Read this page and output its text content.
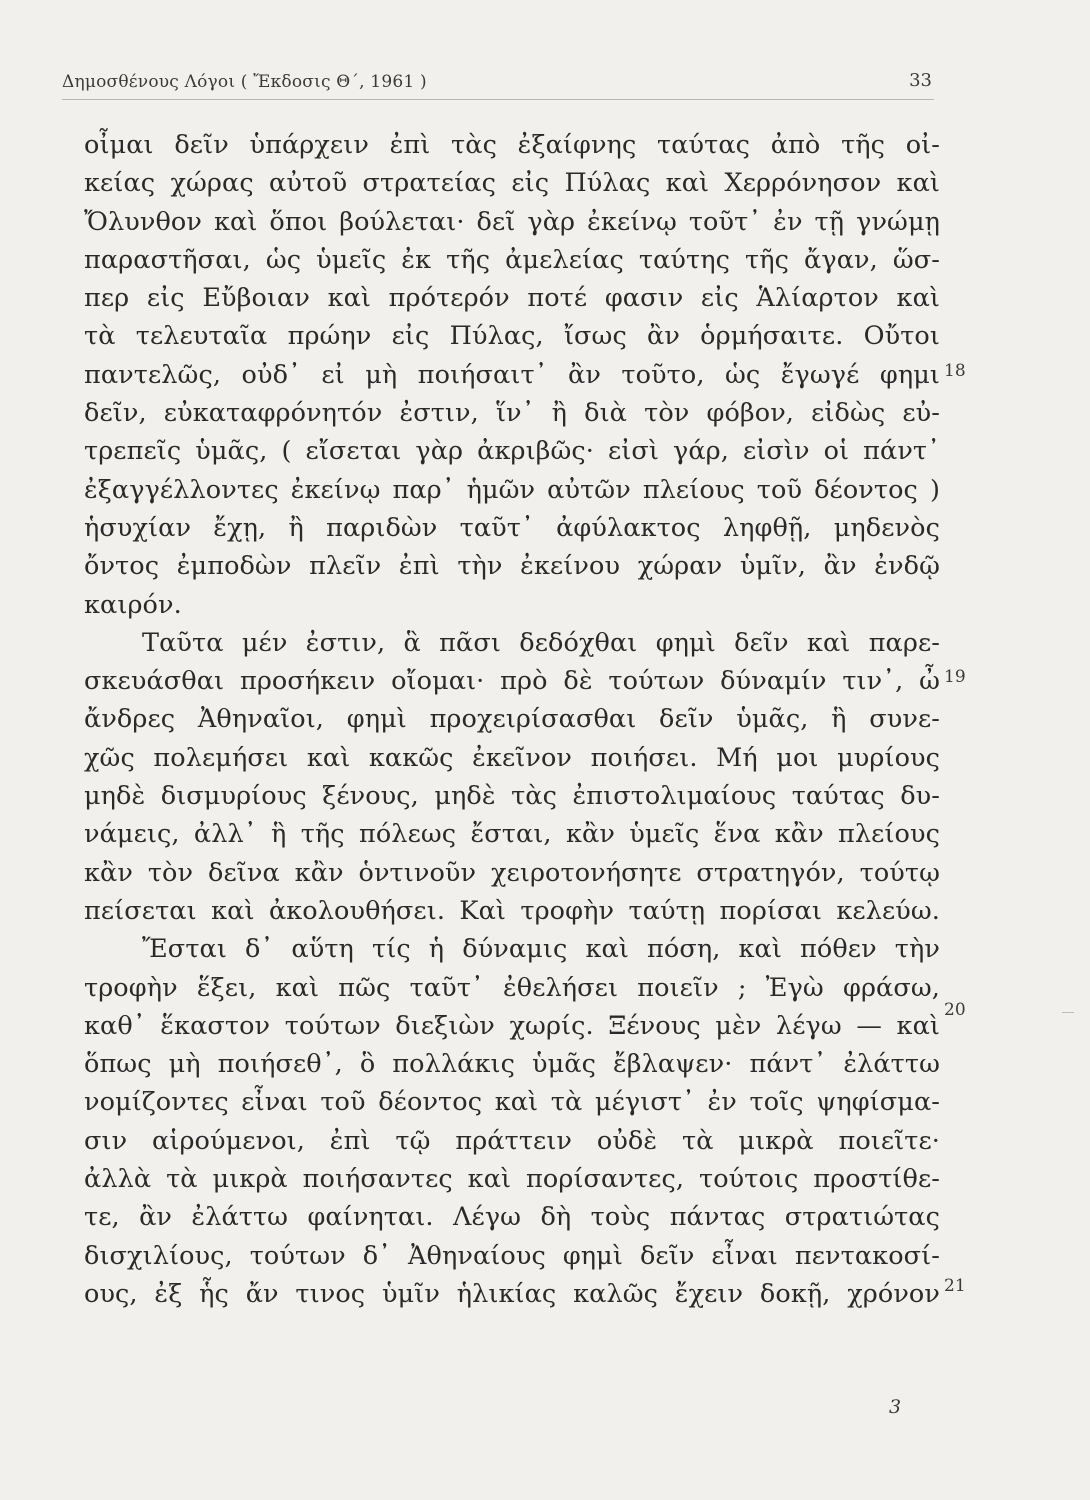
Δημοσθένους Λόγοι ( Ἔκδοσις Θ΄, 1961 )	33
οἶμαι δεῖν ὑπάρχειν ἐπὶ τὰς ἐξαίφνης ταύτας ἀπὸ τῆς οἰ-
κείας χώρας αὐτοῦ στρατείας εἰς Πύλας καὶ Χερρόνησον καὶ
Ὄλυνθον καὶ ὅποι βούλεται· δεῖ γὰρ ἐκείνῳ τοῦτ᾽ ἐν τῇ γνώμῃ
παραστῆσαι, ὡς ὑμεῖς ἐκ τῆς ἀμελείας ταύτης τῆς ἄγαν, ὥσ-
περ εἰς Εὔβοιαν καὶ πρότερόν ποτέ φασιν εἰς Ἁλίαρτον καὶ
τὰ τελευταῖα πρώην εἰς Πύλας, ἴσως ἂν ὁρμήσαιτε. Οὔτοι
παντελῶς, οὐδ᾽ εἰ μὴ ποιήσαιτ᾽ ἂν τοῦτο, ὡς ἔγωγέ φημι
δεῖν, εὐκαταφρόνητόν ἐστιν, ἵν᾽ ἢ διὰ τὸν φόβον, εἰδὼς εὐ-
τρεπεῖς ὑμᾶς, ( εἴσεται γὰρ ἀκριβῶς· εἰσὶ γάρ, εἰσὶν οἱ πάντ᾽
ἐξαγγέλλοντες ἐκείνῳ παρ᾽ ἡμῶν αὐτῶν πλείους τοῦ δέοντος )
ἡσυχίαν ἔχῃ, ἢ παριδὼν ταῦτ᾽ ἀφύλακτος ληφθῇ, μηδενὸς
ὄντος ἐμποδὼν πλεῖν ἐπὶ τὴν ἐκείνου χώραν ὑμῖν, ἂν ἐνδῷ
καιρόν.
Ταῦτα μέν ἐστιν, ἃ πᾶσι δεδόχθαι φημὶ δεῖν καὶ παρε-
σκευάσθαι προσήκειν οἴομαι· πρὸ δὲ τούτων δύναμίν τιν᾽, ὦ
ἄνδρες Ἀθηναῖοι, φημὶ προχειρίσασθαι δεῖν ὑμᾶς, ἣ συνε-
χῶς πολεμήσει καὶ κακῶς ἐκεῖνον ποιήσει. Μή μοι μυρίους
μηδὲ δισμυρίους ξένους, μηδὲ τὰς ἐπιστολιμαίους ταύτας δυ-
νάμεις, ἀλλ᾽ ἣ τῆς πόλεως ἔσται, κἂν ὑμεῖς ἕνα κἂν πλείους
κἂν τὸν δεῖνα κἂν ὁντινοῦν χειροτονήσητε στρατηγόν, τούτῳ
πείσεται καὶ ἀκολουθήσει. Καὶ τροφὴν ταύτῃ πορίσαι κελεύω.
Ἔσται δ᾽ αὕτη τίς ἡ δύναμις καὶ πόση, καὶ πόθεν τὴν
τροφὴν ἕξει, καὶ πῶς ταῦτ᾽ ἐθελήσει ποιεῖν ; Ἐγὼ φράσω,
καθ᾽ ἕκαστον τούτων διεξιὼν χωρίς. Ξένους μὲν λέγω — καὶ
ὅπως μὴ ποιήσεθ᾽, ὃ πολλάκις ὑμᾶς ἔβλαψεν· πάντ᾽ ἐλάττω
νομίζοντες εἶναι τοῦ δέοντος καὶ τὰ μέγιστ᾽ ἐν τοῖς ψηφίσμα-
σιν αἱρούμενοι, ἐπὶ τῷ πράττειν οὐδὲ τὰ μικρὰ ποιεῖτε·
ἀλλὰ τὰ μικρὰ ποιήσαντες καὶ πορίσαντες, τούτοις προστίθε-
τε, ἂν ἐλάττω φαίνηται. Λέγω δὴ τοὺς πάντας στρατιώτας
δισχιλίους, τούτων δ᾽ Ἀθηναίους φημὶ δεῖν εἶναι πεντακοσί-
ους, ἐξ ἧς ἄν τινος ὑμῖν ἡλικίας καλῶς ἔχειν δοκῇ, χρόνον
18
19
20
21
3
